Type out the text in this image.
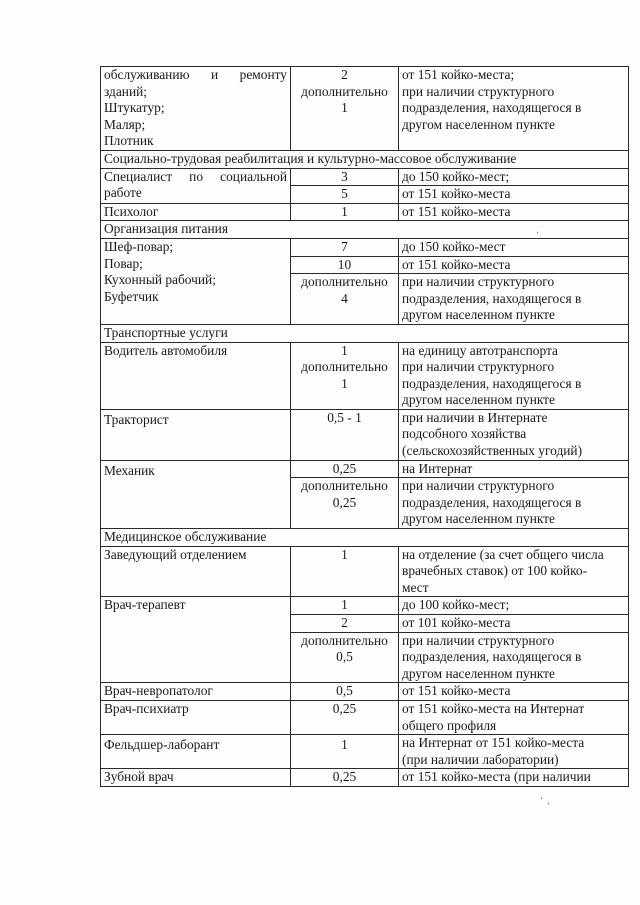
обслуживанию и ремонту
зданий;
Штукатур;
Маляр;
Плотник	2
дополнительно
1	от 151 койко-места;
при наличии структурного
подразделения, находящегося в
другом населенном пункте

Социально-трудовая реабилитация и культурно-массовое обслуживание		

Специалист по социальной
работе	3	до 150 койко-мест;
	5	от 151 койко-места
Психолог	1	от 151 койко-места
Организация питания		

Шеф-повар;
Повар;
Кухонный рабочий;
Буфетчик	7	до 150 койко-мест
	10	от 151 койко-места

	дополнительно
4	при наличии структурного
подразделения, находящегося в
другом населенном пункте

Транспортные услуги		
Водитель автомобиля	1
дополнительно
1	на единицу автотранспорта
при наличии структурного
подразделения, находящегося в
другом населенном пункте

Тракторист	0,5 - 1	при наличии в Интернате
подсобного хозяйства
(сельскохозяйственных угодий)

Механик	0,25	на Интернат

	дополнительно
0,25	при наличии структурного
подразделения, находящегося в
другом населенном пункте

Медицинское обслуживание		
Заведующий отделением	1	на отделение (за счет общего числа
врачебных ставок) от 100 койко-
мест

Врач-терапевт	1	до 100 койко-мест;
	2	от 101 койко-места

	дополнительно
0,5	при наличии структурного
подразделения, находящегося в
другом населенном пункте

Врач-невропатолог	0,5	от 151 койко-места
Врач-психиатр	0,25	от 151 койко-места на Интернат
общего профиля

Фельдшер-лаборант	1	на Интернат от 151 койко-места
(при наличии лаборатории)

Зубной врач	0,25	от 151 койко-места (при наличии
·
· ˎ
